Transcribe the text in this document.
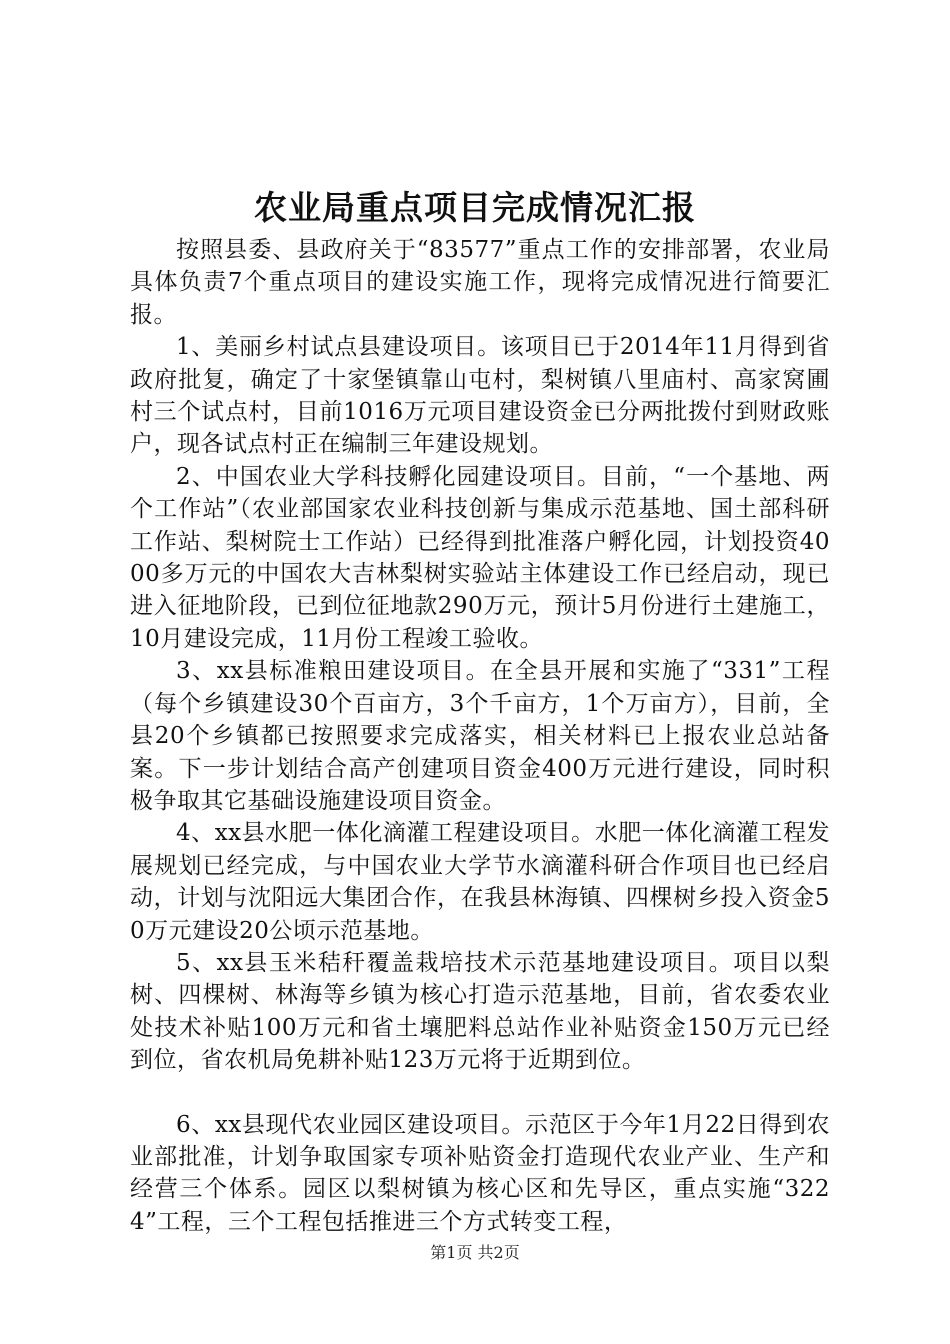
农业局重点项目完成情况汇报

按照县委、县政府关于“83577”重点工作的安排部署，农业局具体负责7个重点项目的建设实施工作，现将完成情况进行简要汇报。

1、美丽乡村试点县建设项目。该项目已于2014年11月得到省政府批复，确定了十家堡镇靠山屯村，梨树镇八里庙村、高家窝圃村三个试点村，目前1016万元项目建设资金已分两批拨付到财政账户，现各试点村正在编制三年建设规划。

2、中国农业大学科技孵化园建设项目。目前，“一个基地、两个工作站”（农业部国家农业科技创新与集成示范基地、国土部科研工作站、梨树院士工作站）已经得到批准落户孵化园，计划投资4000多万元的中国农大吉林梨树实验站主体建设工作已经启动，现已进入征地阶段，已到位征地款290万元，预计5月份进行土建施工，10月建设完成，11月份工程竣工验收。

3、xx县标准粮田建设项目。在全县开展和实施了“331”工程（每个乡镇建设30个百亩方，3个千亩方，1个万亩方），目前，全县20个乡镇都已按照要求完成落实，相关材料已上报农业总站备案。下一步计划结合高产创建项目资金400万元进行建设，同时积极争取其它基础设施建设项目资金。

4、xx县水肥一体化滴灌工程建设项目。水肥一体化滴灌工程发展规划已经完成，与中国农业大学节水滴灌科研合作项目也已经启动，计划与沈阳远大集团合作，在我县林海镇、四棵树乡投入资金50万元建设20公顷示范基地。

5、xx县玉米秸秆覆盖栽培技术示范基地建设项目。项目以梨树、四棵树、林海等乡镇为核心打造示范基地，目前，省农委农业处技术补贴100万元和省土壤肥料总站作业补贴资金150万元已经到位，省农机局免耕补贴123万元将于近期到位。

6、xx县现代农业园区建设项目。示范区于今年1月22日得到农业部批准，计划争取国家专项补贴资金打造现代农业产业、生产和经营三个体系。园区以梨树镇为核心区和先导区，重点实施“3224”工程，三个工程包括推进三个方式转变工程，

第1页 共2页
